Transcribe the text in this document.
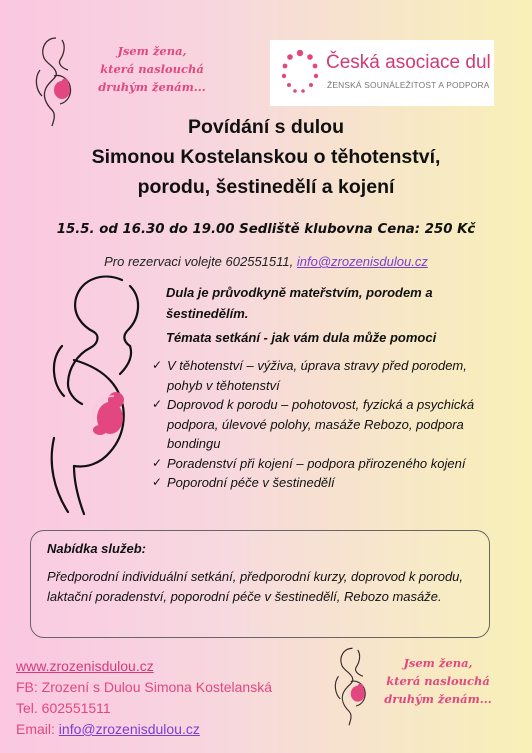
Jsem žena,
která naslouchá
druhým ženám...
Česká asociace dul
ŽENSKÁ SOUNÁLEŽITOST A PODPORA
Povídání s dulou
Simonou Kostelanskou o těhotenství,
porodu, šestinedělí a kojení
15.5. od 16.30 do 19.00 Sedliště klubovna Cena: 250 Kč
Pro rezervaci volejte 602551511, info@zrozenisdulou.cz
Dula je průvodkyně mateřstvím, porodem a šestinedělím.
Témata setkání - jak vám dula může pomoci
✓ V těhotenství – výživa, úprava stravy před porodem, pohyb v těhotenství
✓ Doprovod k porodu – pohotovost, fyzická a psychická podpora, úlevové polohy, masáže Rebozo, podpora bondingu
✓ Poradenství při kojení – podpora přirozeného kojení
✓ Poporodní péče v šestinedělí
Nabídka služeb:
Předporodní individuální setkání, předporodní kurzy, doprovod k porodu, laktační poradenství, poporodní péče v šestinedělí, Rebozo masáže.
www.zrozenisdulou.cz
FB: Zrození s Dulou Simona Kostelanská
Tel. 602551511
Email: info@zrozenisdulou.cz
Jsem žena,
která naslouchá
druhým ženám...
